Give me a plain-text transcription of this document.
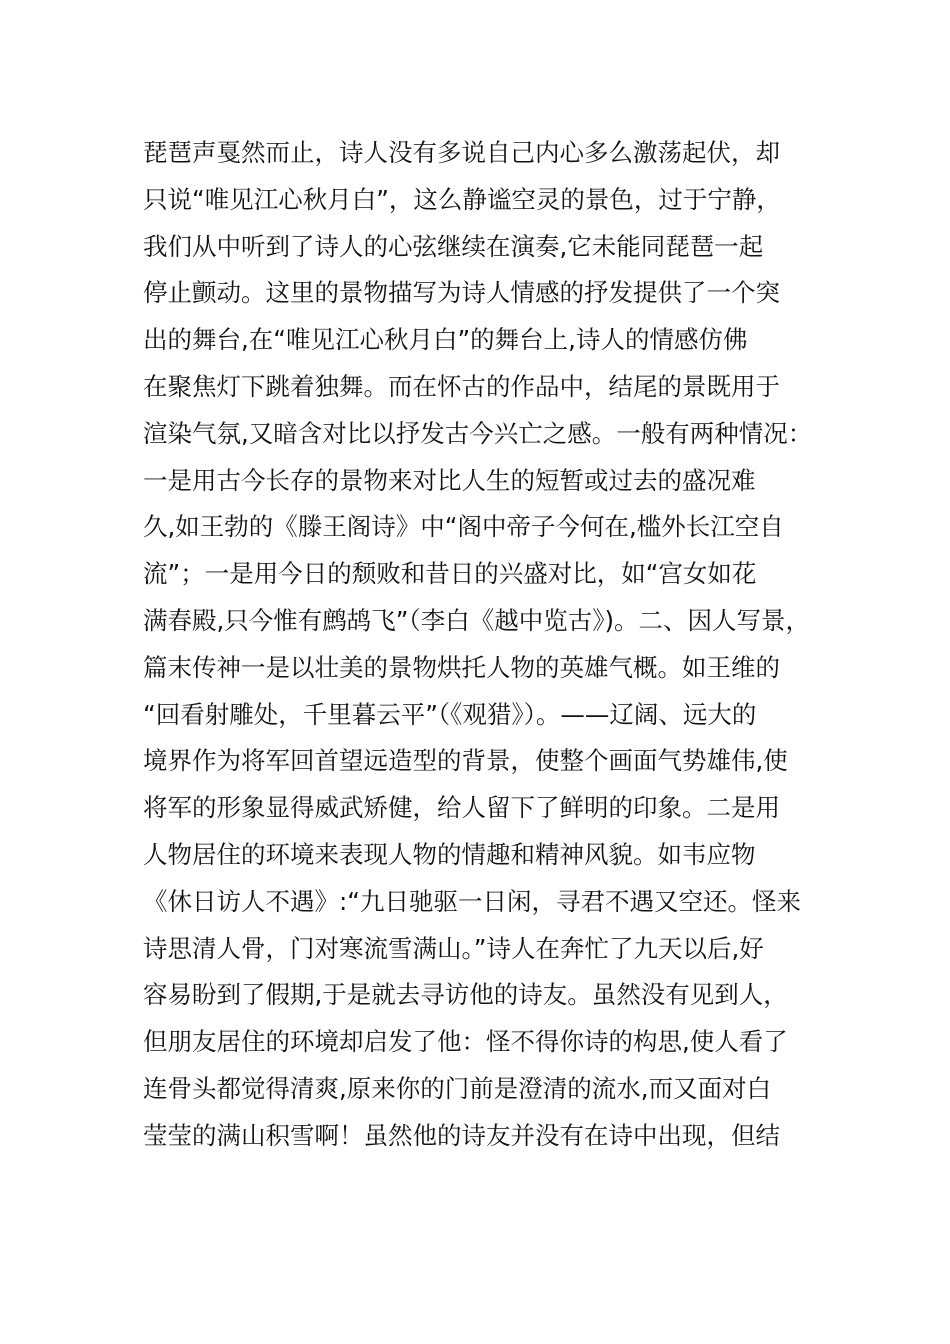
琵琶声戛然而止，诗人没有多说自己内心多么激荡起伏，却
只说“唯见江心秋月白”，这么静谧空灵的景色，过于宁静，
我们从中听到了诗人的心弦继续在演奏,它未能同琵琶一起
停止颤动。这里的景物描写为诗人情感的抒发提供了一个突
出的舞台,在“唯见江心秋月白”的舞台上,诗人的情感仿佛
在聚焦灯下跳着独舞。而在怀古的作品中，结尾的景既用于
渲染气氛,又暗含对比以抒发古今兴亡之感。一般有两种情况：
一是用古今长存的景物来对比人生的短暂或过去的盛况难
久,如王勃的《滕王阁诗》中“阁中帝子今何在,槛外长江空自
流”；一是用今日的颓败和昔日的兴盛对比，如“宫女如花
满春殿,只今惟有鹧鸪飞”（李白《越中览古》)。二、因人写景，
篇末传神一是以壮美的景物烘托人物的英雄气概。如王维的
“回看射雕处，千里暮云平”（《观猎》）。——辽阔、远大的
境界作为将军回首望远造型的背景，使整个画面气势雄伟,使
将军的形象显得威武矫健，给人留下了鲜明的印象。二是用
人物居住的环境来表现人物的情趣和精神风貌。如韦应物
《休日访人不遇》:“九日驰驱一日闲，寻君不遇又空还。怪来
诗思清人骨，门对寒流雪满山。”诗人在奔忙了九天以后,好
容易盼到了假期,于是就去寻访他的诗友。虽然没有见到人，
但朋友居住的环境却启发了他：怪不得你诗的构思,使人看了
连骨头都觉得清爽,原来你的门前是澄清的流水,而又面对白
莹莹的满山积雪啊！虽然他的诗友并没有在诗中出现，但结
